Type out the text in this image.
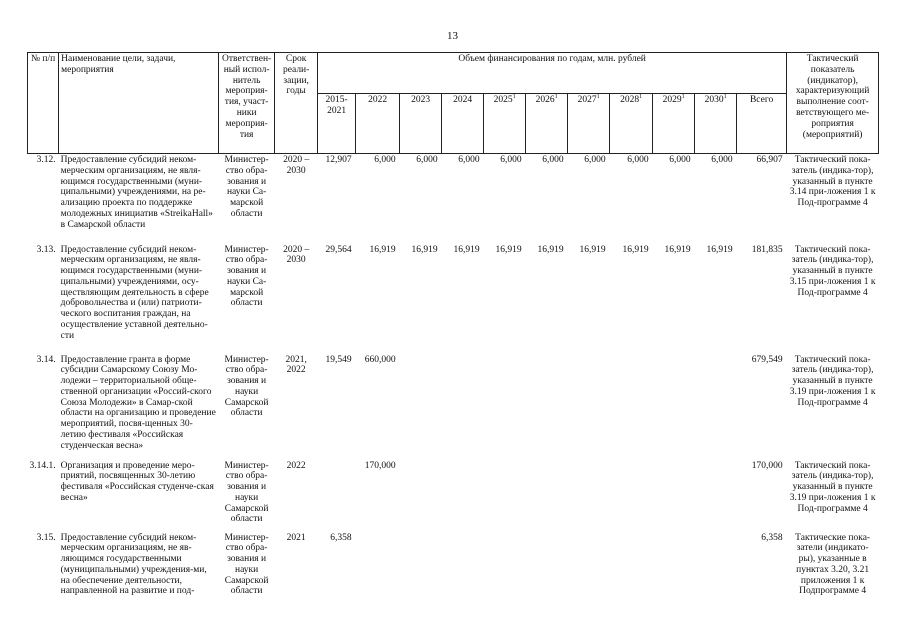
13
№ п/п	Наименование цели, задачи, мероприятия	Ответствен-ный испол-нитель мероприя-тия, участ-ники мероприя-тия	Срок реали-зации, годы	Объем финансирования по годам, млн. рублей											Тактический показатель (индикатор), характеризующий выполнение соот-ветствующего ме-роприятия (мероприятий)
				2015-2021	2022	2023	2024	2025$^1$	2026$^1$	2027$^1$	2028$^1$	2029$^1$	2030$^1$	Всего	
3.12.	Предоставление субсидий неком-мерческим организациям, не явля-ющимся государственными (муни-ципальными) учреждениями, на ре-ализацию проекта по поддержке молодежных инициатив «StreikaHall» в Самарской области	Министер-ство обра-зования и науки Са-марской области	2020 – 2030	12,907	6,000	6,000	6,000	6,000	6,000	6,000	6,000	6,000	6,000	66,907	Тактический пока-затель (индика-тор), указанный в пункте 3.14 при-ложения 1 к Под-программе 4
3.13.	Предоставление субсидий неком-мерческим организациям, не явля-ющимся государственными (муни-ципальными) учреждениями, осу-ществляющим деятельность в сфере добровольчества и (или) патриоти-ческого воспитания граждан, на осуществление уставной деятельно-сти	Министер-ство обра-зования и науки Са-марской области	2020 – 2030	29,564	16,919	16,919	16,919	16,919	16,919	16,919	16,919	16,919	16,919	181,835	Тактический пока-затель (индика-тор), указанный в пункте 3.15 при-ложения 1 к Под-программе 4
3.14.	Предоставление гранта в форме субсидии Самарскому Союзу Мо-лодежи – территориальной обще-ственной организации «Россий-ского Союза Молодежи» в Самар-ской области на организацию и проведение мероприятий, посвя-щенных 30-летию фестиваля «Российская студенческая весна»	Министер-ство обра-зования и науки Самарской области	2021, 2022	19,549	660,000									679,549	Тактический пока-затель (индика-тор), указанный в пункте 3.19 при-ложения 1 к Под-программе 4
3.14.1.	Организация и проведение меро-приятий, посвященных 30-летию фестиваля «Российская студенче-ская весна»	Министер-ство обра-зования и науки Самарской области	2022		170,000									170,000	Тактический пока-затель (индика-тор), указанный в пункте 3.19 при-ложения 1 к Под-программе 4
3.15.	Предоставление субсидий неком-мерческим организациям, не яв-ляющимся государственными (муниципальными) учреждения-ми, на обеспечение деятельности, направленной на развитие и под-	Министер-ство обра-зования и науки Самарской области	2021	6,358										6,358	Тактические пока-затели (индикато-ры), указанные в пунктах 3.20, 3.21 приложения 1 к Подпрограмме 4
